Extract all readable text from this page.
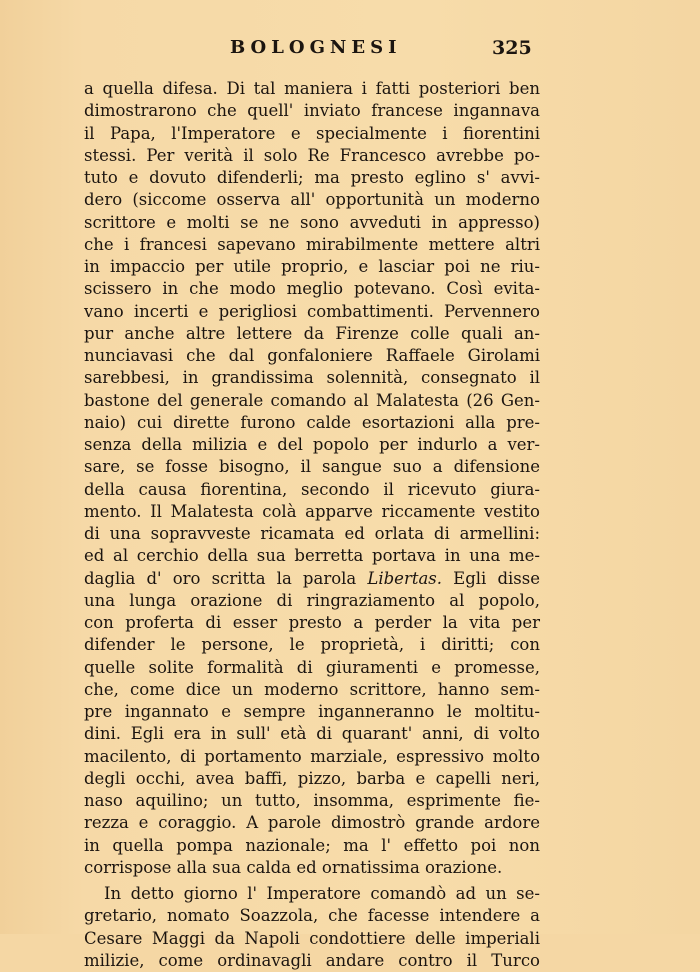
BOLOGNESI	325
a quella difesa. Di tal maniera i fatti posteriori ben
dimostrarono che quell' inviato francese ingannava
il Papa, l'Imperatore e specialmente i fiorentini
stessi. Per verità il solo Re Francesco avrebbe po-
tuto e dovuto difenderli; ma presto eglino s' avvi-
dero (siccome osserva all' opportunità un moderno
scrittore e molti se ne sono avveduti in appresso)
che i francesi sapevano mirabilmente mettere altri
in impaccio per utile proprio, e lasciar poi ne riu-
scissero in che modo meglio potevano. Così evita-
vano incerti e perigliosi combattimenti. Pervennero
pur anche altre lettere da Firenze colle quali an-
nunciavasi che dal gonfaloniere Raffaele Girolami
sarebbesi, in grandissima solennità, consegnato il
bastone del generale comando al Malatesta (26 Gen-
naio) cui dirette furono calde esortazioni alla pre-
senza della milizia e del popolo per indurlo a ver-
sare, se fosse bisogno, il sangue suo a difensione
della causa fiorentina, secondo il ricevuto giura-
mento. Il Malatesta colà apparve riccamente vestito
di una sopravveste ricamata ed orlata di armellini:
ed al cerchio della sua berretta portava in una me-
daglia d' oro scritta la parola Libertas. Egli disse
una lunga orazione di ringraziamento al popolo,
con proferta di esser presto a perder la vita per
difender le persone, le proprietà, i diritti; con
quelle solite formalità di giuramenti e promesse,
che, come dice un moderno scrittore, hanno sem-
pre ingannato e sempre inganneranno le moltitu-
dini. Egli era in sull' età di quarant' anni, di volto
macilento, di portamento marziale, espressivo molto
degli occhi, avea baffi, pizzo, barba e capelli neri,
naso aquilino; un tutto, insomma, esprimente fie-
rezza e coraggio. A parole dimostrò grande ardore
in quella pompa nazionale; ma l' effetto poi non
corrispose alla sua calda ed ornatissima orazione.
In detto giorno l' Imperatore comandò ad un se-
gretario, nomato Soazzola, che facesse intendere a
Cesare Maggi da Napoli condottiere delle imperiali
milizie, come ordinavagli andare contro il Turco
